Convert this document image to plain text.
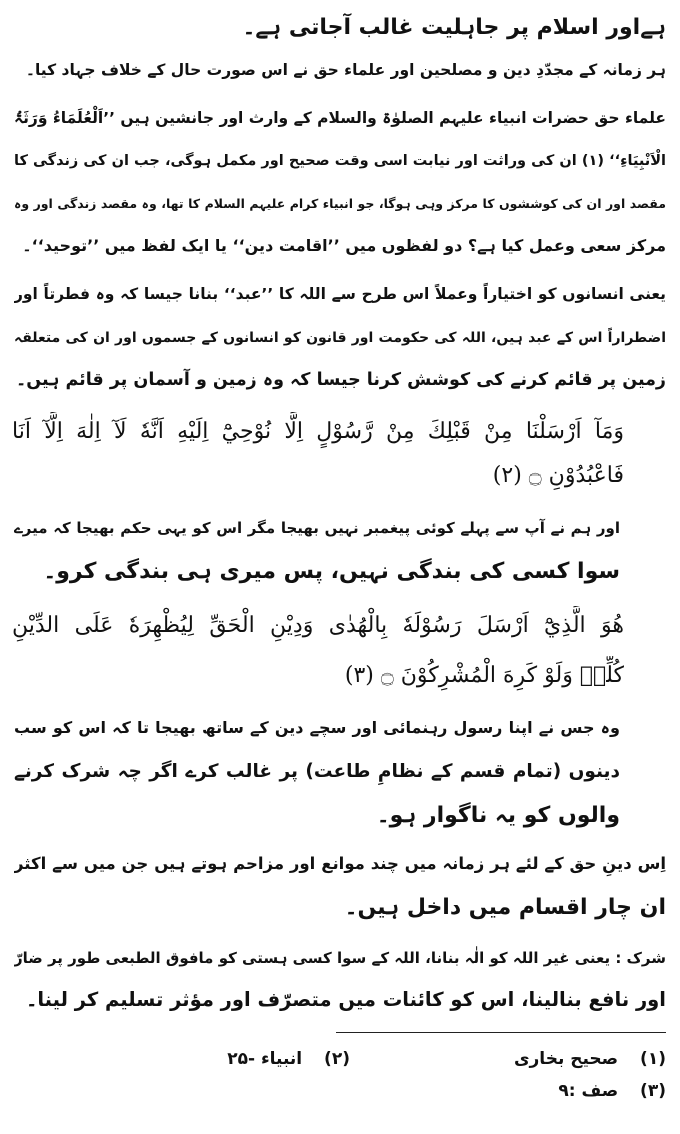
ہےاور اسلام پر جاہلیت غالب آجاتی ہے۔
ہر زمانہ کے مجدّدِ دین و مصلحین اور علماء حق نے اس صورت حال کے خلاف جہاد کیا۔
علماء حق حضرات انبیاء علیہم الصلوٰۃ والسلام کے وارث اور جانشین ہیں ’’اَلْعُلَمَاءُ وَرَثَۃُ
الْاَنْبِیَاءِ‘‘ (۱) ان کی وراثت اور نیابت اسی وقت صحیح اور مکمل ہوگی، جب ان کی زندگی کا
مقصد اور ان کی کوششوں کا مرکز وہی ہوگا، جو انبیاء کرام علیہم السلام کا تھا، وہ مقصد زندگی اور وہ
مرکز سعی وعمل کیا ہے؟ دو لفظوں میں ’’اقامت دین‘‘ یا ایک لفظ میں ’’توحید‘‘۔
یعنی انسانوں کو اختیاراً وعملاً اس طرح سے اللہ کا ’’عبد‘‘ بنانا جیسا کہ وہ فطرتاً اور
اضطراراً اس کے عبد ہیں، اللہ کی حکومت اور قانون کو انسانوں کے جسموں اور ان کی متعلقہ
زمین پر قائم کرنے کی کوشش کرنا جیسا کہ وہ زمین و آسمان پر قائم ہیں۔
وَمَآ اَرْسَلْنَا مِنْ قَبْلِكَ مِنْ رَّسُوْلٍ اِلَّا نُوْحِيْٓ اِلَيْهِ اَنَّهٗ لَآ اِلٰهَ اِلَّآ اَنَا
فَاعْبُدُوْنِ ۝ (۲)
اور ہم نے آپ سے پہلے کوئی پیغمبر نہیں بھیجا مگر اس کو یہی حکم بھیجا کہ میرے
سوا کسی کی بندگی نہیں، پس میری ہی بندگی کرو۔
هُوَ الَّذِيْٓ اَرْسَلَ رَسُوْلَهٗ بِالْهُدٰى وَدِيْنِ الْحَقِّ لِيُظْهِرَهٗ عَلَى الدِّيْنِ
كُلِّهٖ وَلَوْ كَرِهَ الْمُشْرِكُوْنَ ۝ (۳)
وہ جس نے اپنا رسول رہنمائی اور سچے دین کے ساتھ بھیجا تا کہ اس کو سب
دینوں (تمام قسم کے نظامِ طاعت) پر غالب کرے اگر چہ شرک کرنے
والوں کو یہ ناگوار ہو۔
اِس دینِ حق کے لئے ہر زمانہ میں چند موانع اور مزاحم ہوتے ہیں جن میں سے اکثر
ان چار اقسام میں داخل ہیں۔
شرک : یعنی غیر اللہ کو الٰہ بنانا، اللہ کے سوا کسی ہستی کو مافوق الطبعی طور پر ضارّ
اور نافع بنالینا، اس کو کائنات میں متصرّف اور مؤثر تسلیم کر لینا۔
(۱) صحیح بخاری
(۲) انبیاء -۲۵
(۳) صف :۹
